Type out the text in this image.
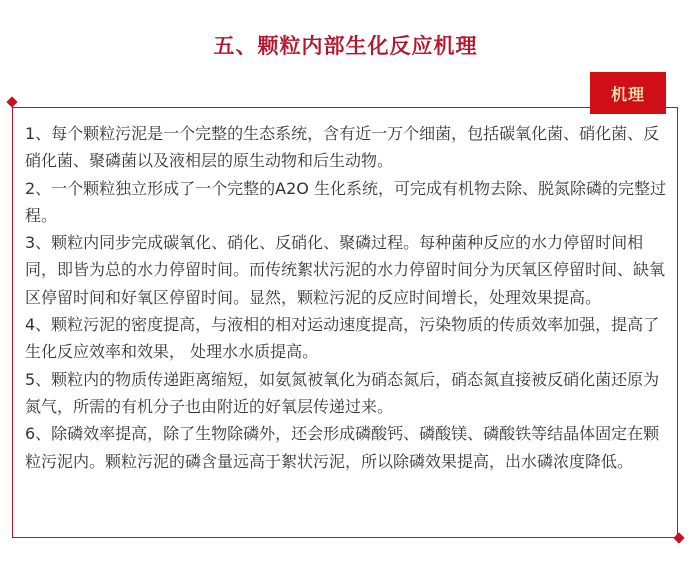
五、颗粒内部生化反应机理
机理

1、每个颗粒污泥是一个完整的生态系统，含有近一万个细菌，包括碳氧化菌、硝化菌、反硝化菌、聚磷菌以及液相层的原生动物和后生动物。

2、一个颗粒独立形成了一个完整的A2O 生化系统，可完成有机物去除、脱氮除磷的完整过程。

3、颗粒内同步完成碳氧化、硝化、反硝化、聚磷过程。每种菌种反应的水力停留时间相同，即皆为总的水力停留时间。而传统絮状污泥的水力停留时间分为厌氧区停留时间、缺氧区停留时间和好氧区停留时间。显然，颗粒污泥的反应时间增长，处理效果提高。

4、颗粒污泥的密度提高，与液相的相对运动速度提高，污染物质的传质效率加强，提高了生化反应效率和效果， 处理水水质提高。

5、颗粒内的物质传递距离缩短，如氨氮被氧化为硝态氮后，硝态氮直接被反硝化菌还原为氮气，所需的有机分子也由附近的好氧层传递过来。

6、除磷效率提高，除了生物除磷外，还会形成磷酸钙、磷酸镁、磷酸铁等结晶体固定在颗粒污泥内。颗粒污泥的磷含量远高于絮状污泥，所以除磷效果提高，出水磷浓度降低。
